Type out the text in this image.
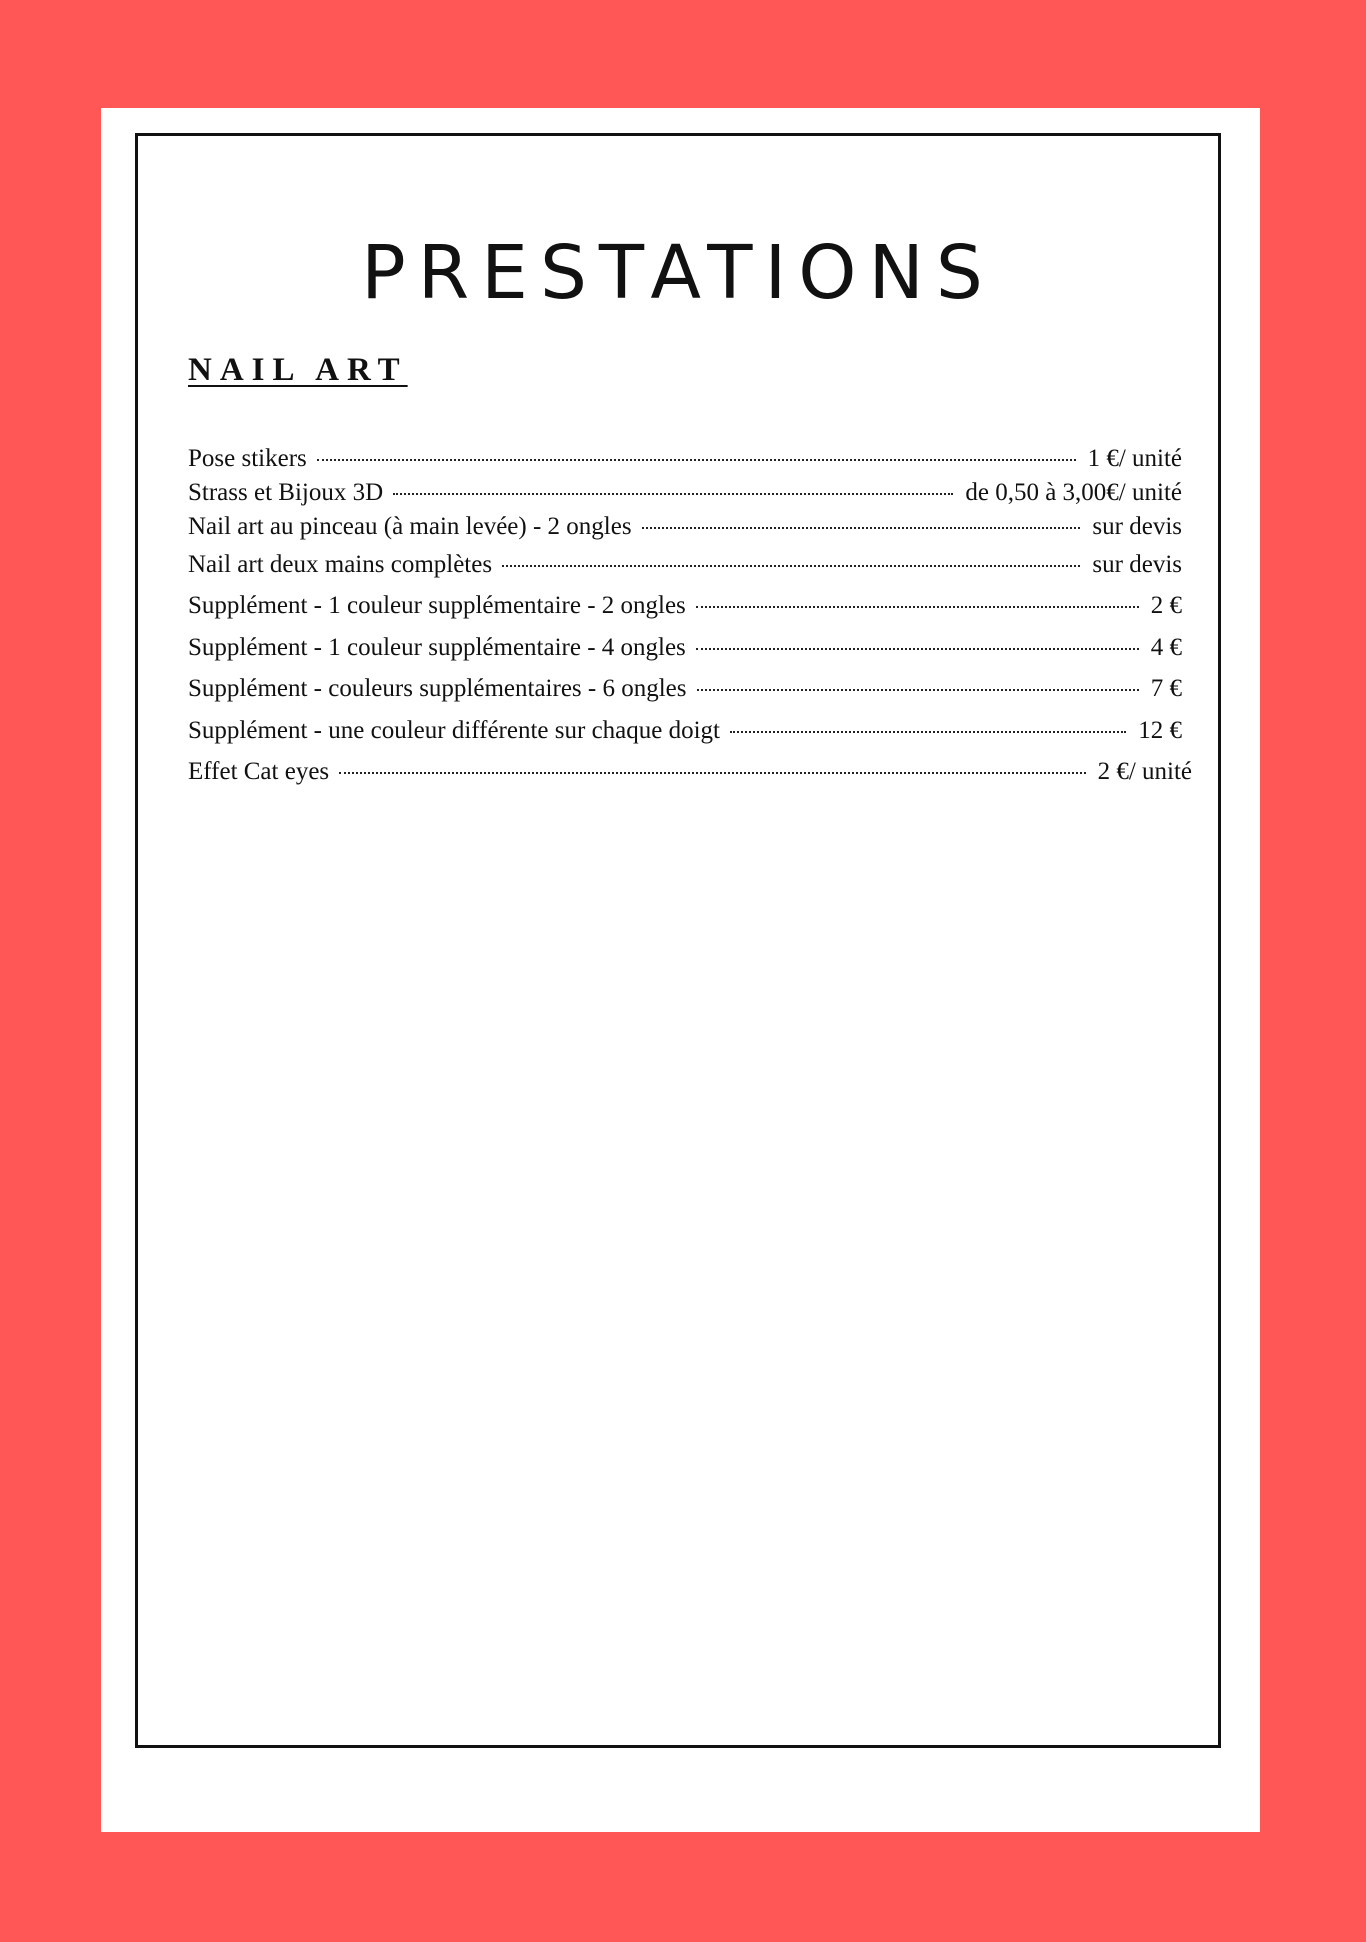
PRESTATIONS
NAIL ART
Pose stikers	1 €/ unité
Strass et Bijoux 3D	de 0,50 à 3,00€/ unité
Nail art au pinceau (à main levée) - 2 ongles	sur devis
Nail art deux mains complètes	sur devis
Supplément - 1 couleur supplémentaire - 2 ongles	2 €
Supplément - 1 couleur supplémentaire - 4 ongles	4 €
Supplément - couleurs supplémentaires - 6 ongles	7 €
Supplément - une couleur différente sur chaque doigt	12 €
Effet Cat eyes	2 €/ unité
